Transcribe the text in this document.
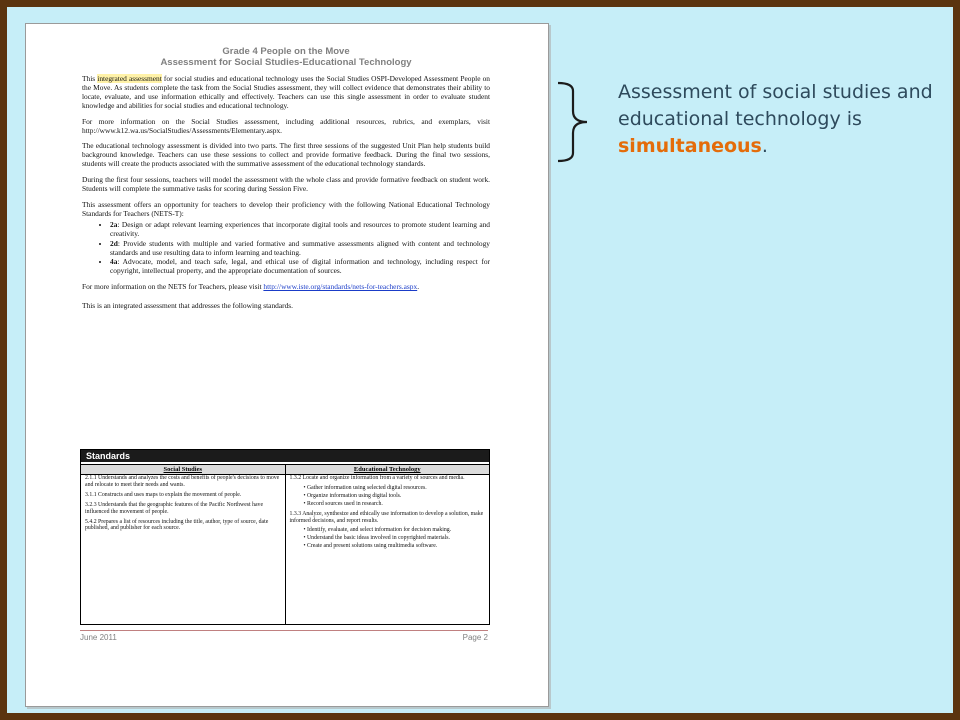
Grade 4 People on the Move
Assessment for Social Studies-Educational Technology

This integrated assessment for social studies and educational technology uses the Social Studies OSPI-Developed Assessment People on the Move. As students complete the task from the Social Studies assessment, they will collect evidence that demonstrates their ability to locate, evaluate, and use information ethically and effectively. Teachers can use this single assessment in order to evaluate student knowledge and abilities for social studies and educational technology.

For more information on the Social Studies assessment, including additional resources, rubrics, and exemplars, visit http://www.k12.wa.us/SocialStudies/Assessments/Elementary.aspx.

The educational technology assessment is divided into two parts. The first three sessions of the suggested Unit Plan help students build background knowledge. Teachers can use these sessions to collect and provide formative feedback. During the final two sessions, students will create the products associated with the summative assessment of the educational technology standards.

During the first four sessions, teachers will model the assessment with the whole class and provide formative feedback on student work. Students will complete the summative tasks for scoring during Session Five.

This assessment offers an opportunity for teachers to develop their proficiency with the following National Educational Technology Standards for Teachers (NETS-T):

• 2a: Design or adapt relevant learning experiences that incorporate digital tools and resources to promote student learning and creativity.
• 2d: Provide students with multiple and varied formative and summative assessments aligned with content and technology standards and use resulting data to inform learning and teaching.
• 4a: Advocate, model, and teach safe, legal, and ethical use of digital information and technology, including respect for copyright, intellectual property, and the appropriate documentation of sources.

For more information on the NETS for Teachers, please visit http://www.iste.org/standards/nets-for-teachers.aspx.

This is an integrated assessment that addresses the following standards.

Standards
Social Studies	Educational Technology
2.1.1 Understands and analyzes the costs and benefits of people's decisions to move and relocate to meet their needs and wants.
3.1.1 Constructs and uses maps to explain the movement of people.
3.2.3 Understands that the geographic features of the Pacific Northwest have influenced the movement of people.
5.4.2 Prepares a list of resources including the title, author, type of source, date published, and publisher for each source.
1.3.2 Locate and organize information from a variety of sources and media.
• Gather information using selected digital resources.
• Organize information using digital tools.
• Record sources used in research.
1.3.3 Analyze, synthesize and ethically use information to develop a solution, make informed decisions, and report results.
• Identify, evaluate, and select information for decision making.
• Understand the basic ideas involved in copyrighted materials.
• Create and present solutions using multimedia software.
June 2011	Page 2
Assessment of social studies and educational technology is simultaneous.
